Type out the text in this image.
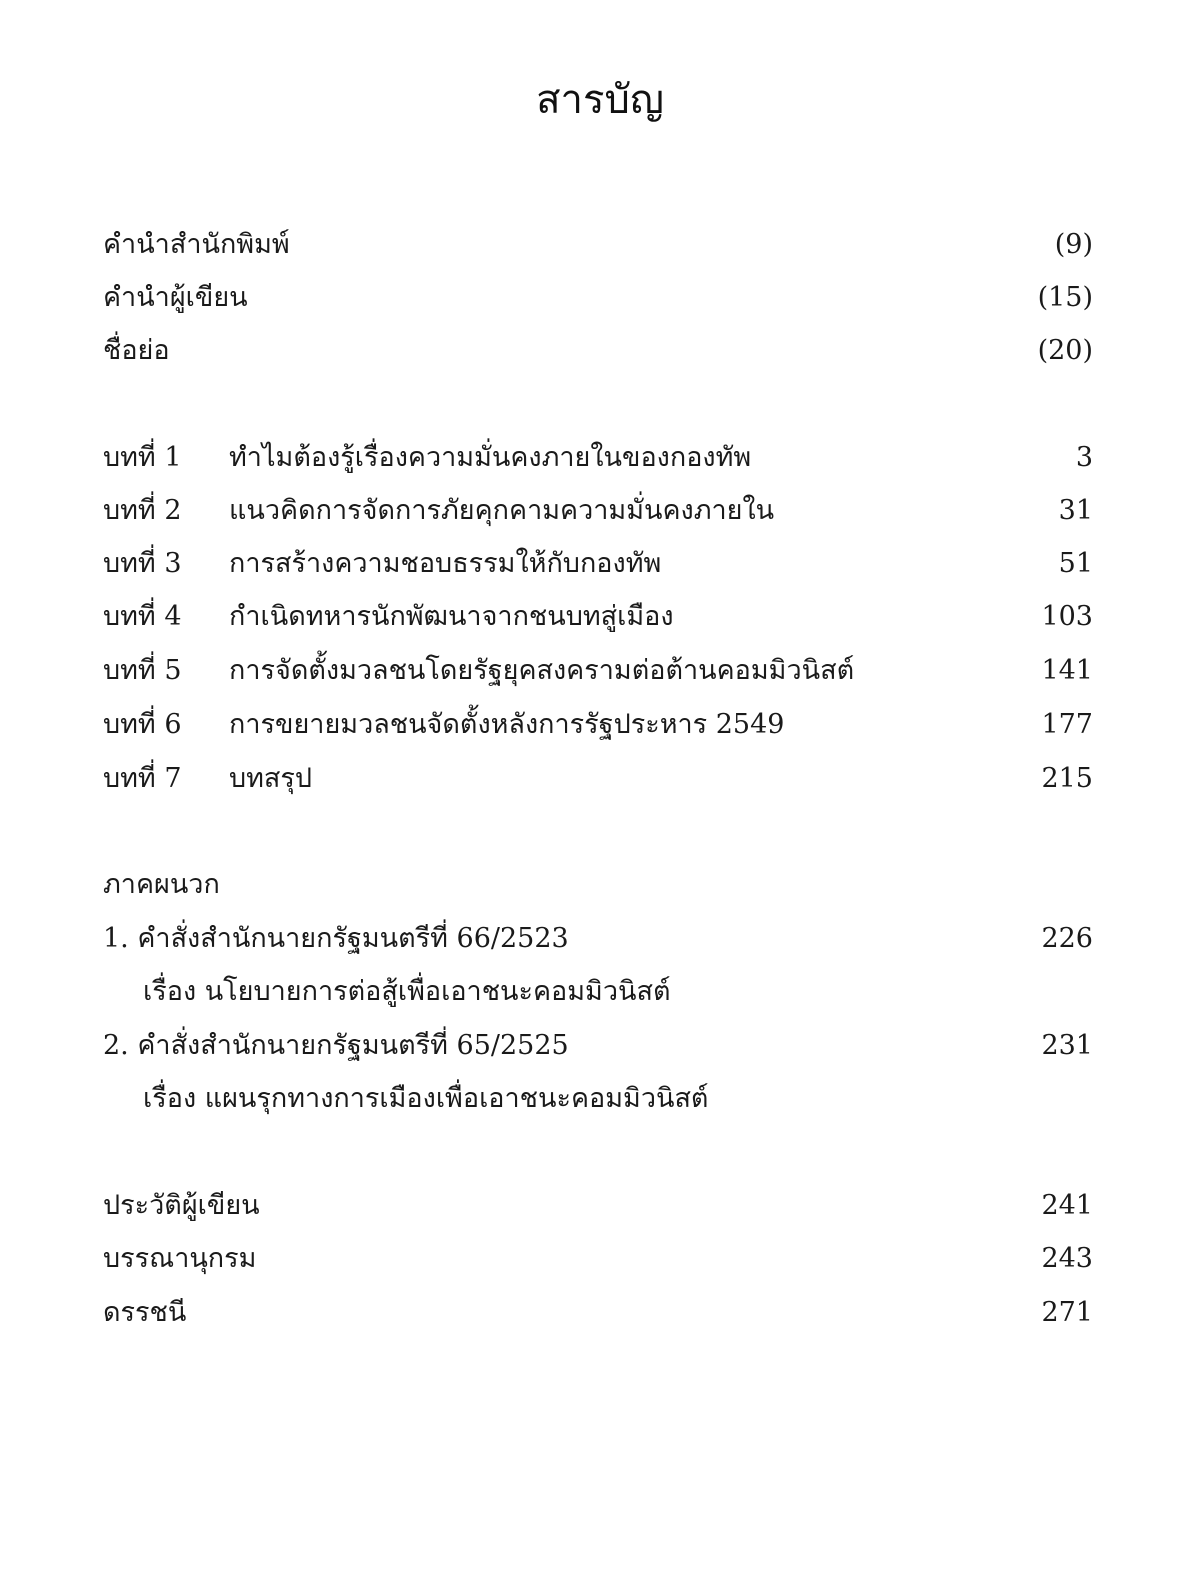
สารบัญ
คำนำสำนักพิมพ์	(9)
คำนำผู้เขียน	(15)
ชื่อย่อ	(20)
บทที่ 1 ทำไมต้องรู้เรื่องความมั่นคงภายในของกองทัพ	3
บทที่ 2 แนวคิดการจัดการภัยคุกคามความมั่นคงภายใน	31
บทที่ 3 การสร้างความชอบธรรมให้กับกองทัพ	51
บทที่ 4 กำเนิดทหารนักพัฒนาจากชนบทสู่เมือง	103
บทที่ 5 การจัดตั้งมวลชนโดยรัฐยุคสงครามต่อต้านคอมมิวนิสต์	141
บทที่ 6 การขยายมวลชนจัดตั้งหลังการรัฐประหาร 2549	177
บทที่ 7 บทสรุป	215
ภาคผนวก
1. คำสั่งสำนักนายกรัฐมนตรีที่ 66/2523	226
เรื่อง นโยบายการต่อสู้เพื่อเอาชนะคอมมิวนิสต์
2. คำสั่งสำนักนายกรัฐมนตรีที่ 65/2525	231
เรื่อง แผนรุกทางการเมืองเพื่อเอาชนะคอมมิวนิสต์
ประวัติผู้เขียน	241
บรรณานุกรม	243
ดรรชนี	271
